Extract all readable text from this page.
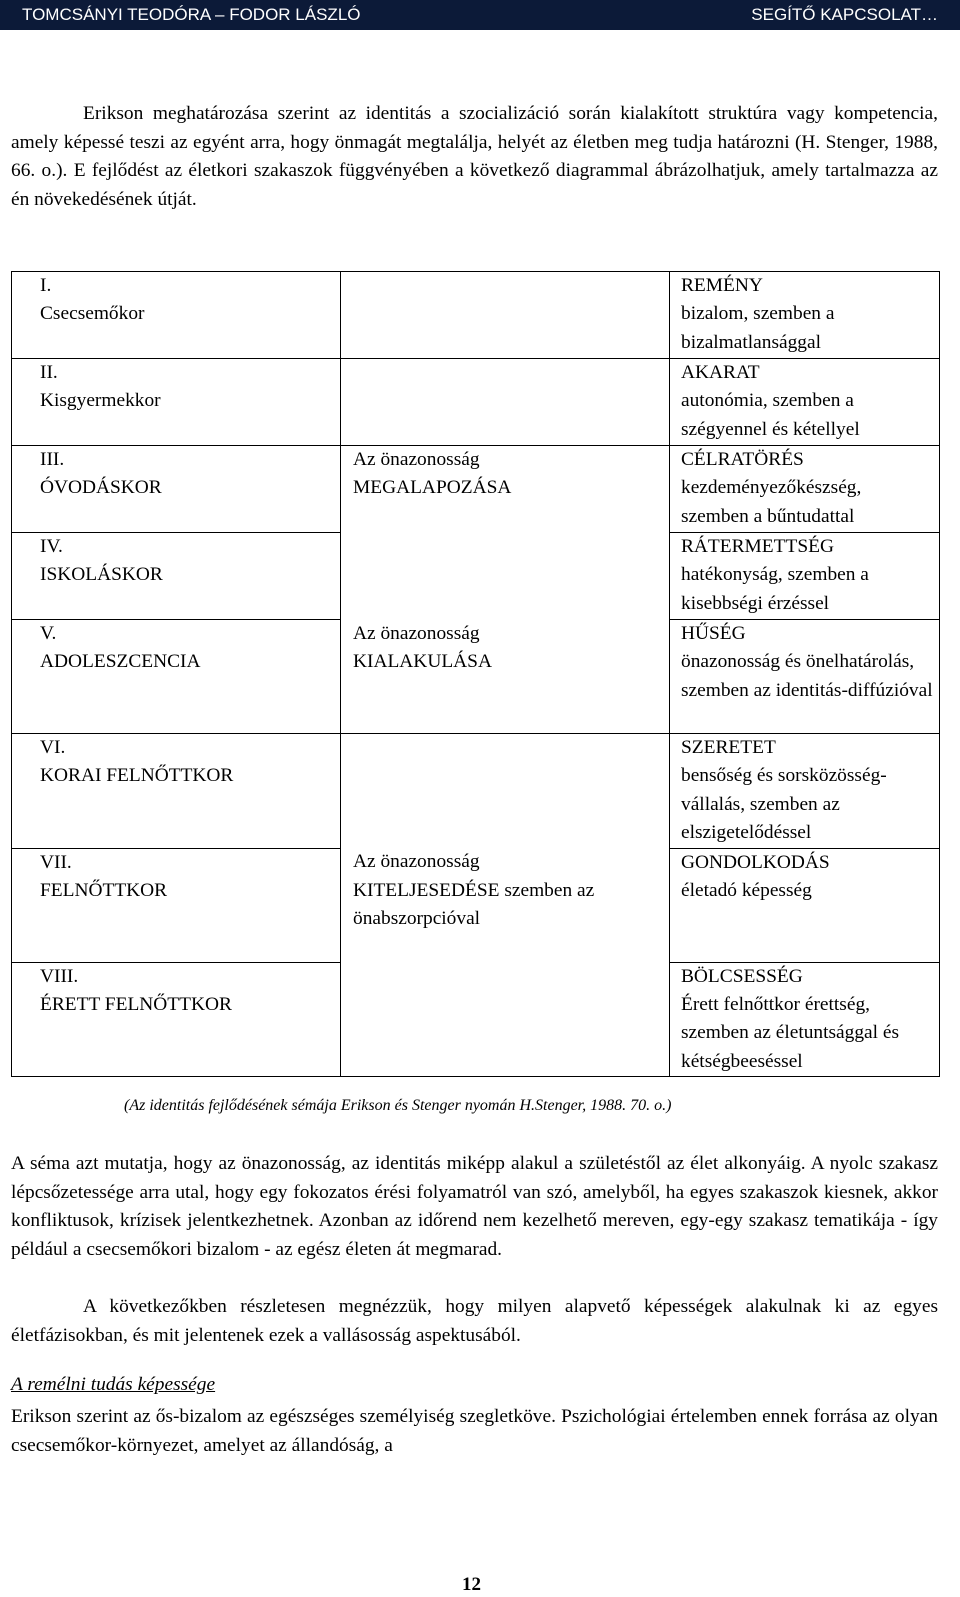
TOMCSÁNYI TEODÓRA – FODOR LÁSZLÓ	SEGÍTŐ KAPCSOLAT…

Erikson meghatározása szerint az identitás a szocializáció során kialakított struktúra vagy kompetencia, amely képessé teszi az egyént arra, hogy önmagát megtalálja, helyét az életben meg tudja határozni (H. Stenger, 1988, 66. o.). E fejlődést az életkori szakaszok függvényében a következő diagrammal ábrázolhatjuk, amely tartalmazza az én növekedésének útját.

I.
Csecsemőkor		REMÉNY
bizalom, szemben a bizalmatlansággal

II.
Kisgyermekkor		AKARAT
autonómia, szemben a szégyennel és kétellyel

III.
ÓVODÁSKOR	Az önazonosság
MEGALAPOZÁSA	CÉLRATÖRÉS
kezdeményezőkészség, szemben a bűntudattal

IV.
ISKOLÁSKOR		RÁTERMETTSÉG
hatékonyság, szemben a kisebbségi érzéssel

V.
ADOLESZCENCIA	Az önazonosság
KIALAKULÁSA	HŰSÉG
önazonosság és önelhatárolás, szemben az identitás-diffúzióval

VI.
KORAI FELNŐTTKOR		SZERETET
bensőség és sorsközösség-vállalás, szemben az elszigetelődéssel

VII.
FELNŐTTKOR	Az önazonosság
KITELJESEDÉSE szemben az önabszorpcióval	GONDOLKODÁS
életadó képesség

VIII.
ÉRETT FELNŐTTKOR		BÖLCSESSÉG
Érett felnőttkor érettség, szemben az életuntsággal és kétségbeeséssel

(Az identitás fejlődésének sémája Erikson és Stenger nyomán H.Stenger, 1988. 70. o.)

A séma azt mutatja, hogy az önazonosság, az identitás miképp alakul a születéstől az élet alkonyáig. A nyolc szakasz lépcsőzetessége arra utal, hogy egy fokozatos érési folyamatról van szó, amelyből, ha egyes szakaszok kiesnek, akkor konfliktusok, krízisek jelentkezhetnek. Azonban az időrend nem kezelhető mereven, egy-egy szakasz tematikája - így például a csecsemőkori bizalom - az egész életen át megmarad.

A következőkben részletesen megnézzük, hogy milyen alapvető képességek alakulnak ki az egyes életfázisokban, és mit jelentenek ezek a vallásosság aspektusából.

A remélni tudás képessége

Erikson szerint az ős-bizalom az egészséges személyiség szegletköve. Pszichológiai értelemben ennek forrása az olyan csecsemőkor-környezet, amelyet az állandóság, a

12
